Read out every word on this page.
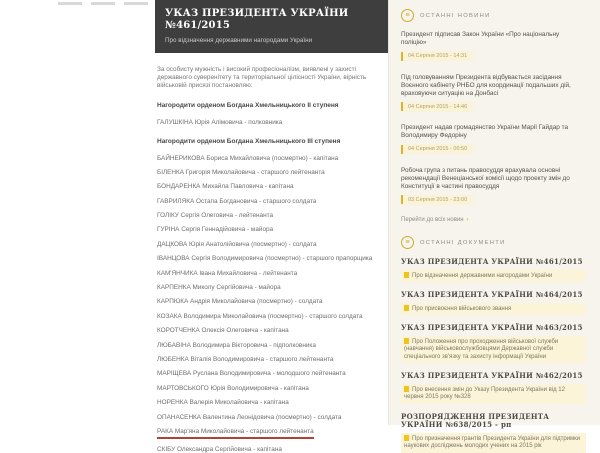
УКАЗ ПРЕЗИДЕНТА УКРАЇНИ №461/2015
Про відзначення державними нагородами України
За особисту мужність і високий професіоналізм, виявлені у захисті державного суверенітету та територіальної цілісності України, вірність військовій присязі постановляю:
Нагородити орденом Богдана Хмельницького II ступеня
ГАЛУШКІНА Юрія Алімовича - полковника
Нагородити орденом Богдана Хмельницького III ступеня
БАЙНЕРИКОВА Бориса Михайловича (посмертно) - капітана
БІЛЕНКА Григорія Миколайовича - старшого лейтенанта
БОНДАРЕНКА Михайла Павловича - капітана
ГАВРИЛЯКА Остапа Богдановича - старшого солдата
ГОЛІКУ Сергія Олеговича - лейтенанта
ГУРІНА Сергія Геннадійовича - майора
ДАЦКОВА Юрія Анатолійовича (посмертно) - солдата
ІВАНЦОВА Сергія Володимировича (посмертно) - старшого прапорщика
КАМ'ЯНЧИКА Івана Михайловича - лейтенанта
КАРПЕНКА Миколу Сергійовича - майора
КАРПЮКА Андрія Миколайовича (посмертно) - солдата
КОЗАКА Володимира Миколайовича (посмертно) - старшого солдата
КОРОТЧЕНКА Олексія Олеговича - капітана
ЛЮБАВІНА Володимира Вікторовича - підполковника
ЛЮБЕНКА Віталія Володимировича - старшого лейтенанта
МАРІЩЕВА Руслана Володимировича - молодшого лейтенанта
МАРТОВСЬКОГО Юрія Володимировича - капітана
НОРЕНКА Валерія Миколайовича - капітана
ОПАНАСЕНКА Валентина Леонідовича (посмертно) - солдата
РАКА Мар'яна Миколайовича - старшого лейтенанта
СКІБУ Олександра Сергійовича - капітана
≡	ОСТАННІ НОВИНИ
Президент підписав Закон України «Про національну поліцію»
04 Серпня 2015 - 14:31
Під головуванням Президента відбувається засідання Воєнного кабінету РНБО для координації подальших дій, враховуючи ситуацію на Донбасі
04 Серпня 2015 - 14:46
Президент надав громадянство України Марії Гайдар та Володимиру Федоріну
04 Серпня 2015 - 00:50
Робоча група з питань правосуддя врахувала основні рекомендації Венеціанської комісії щодо проекту змін до Конституції в частині правосуддя
03 Серпня 2015 - 23:00
Перейти до всіх новин ›
≡	ОСТАННІ ДОКУМЕНТИ
УКАЗ ПРЕЗИДЕНТА УКРАЇНИ №461/2015
Про відзначення державними нагородами України
УКАЗ ПРЕЗИДЕНТА УКРАЇНИ №464/2015
Про присвоєння військового звання
УКАЗ ПРЕЗИДЕНТА УКРАЇНИ №463/2015
Про Положення про проходження військової служби (навчання) військовослужбовцями Державної служби спеціального зв'язку та захисту інформації України
УКАЗ ПРЕЗИДЕНТА УКРАЇНИ №462/2015
Про внесення змін до Указу Президента України від 12 червня 2015 року №328
РОЗПОРЯДЖЕННЯ ПРЕЗИДЕНТА УКРАЇНИ №638/2015 - рп
Про призначення грантів Президента України для підтримки наукових досліджень молодих учених на 2015 рік
